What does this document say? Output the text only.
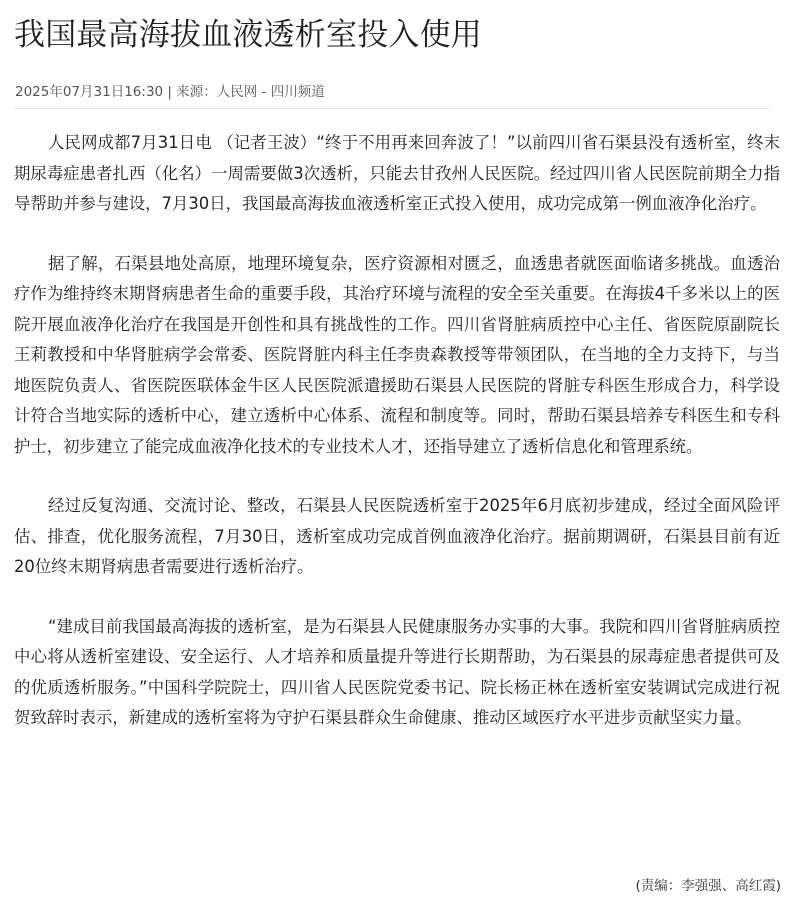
我国最高海拔血液透析室投入使用
2025年07月31日16:30 | 来源：人民网 - 四川频道

人民网成都7月31日电 （记者王波）“终于不用再来回奔波了！”以前四川省石渠县没有透析室，终末期尿毒症患者扎西（化名）一周需要做3次透析，只能去甘孜州人民医院。经过四川省人民医院前期全力指导帮助并参与建设，7月30日，我国最高海拔血液透析室正式投入使用，成功完成第一例血液净化治疗。

据了解，石渠县地处高原，地理环境复杂，医疗资源相对匮乏，血透患者就医面临诸多挑战。血透治疗作为维持终末期肾病患者生命的重要手段，其治疗环境与流程的安全至关重要。在海拔4千多米以上的医院开展血液净化治疗在我国是开创性和具有挑战性的工作。四川省肾脏病质控中心主任、省医院原副院长王莉教授和中华肾脏病学会常委、医院肾脏内科主任李贵森教授等带领团队，在当地的全力支持下，与当地医院负责人、省医院医联体金牛区人民医院派遣援助石渠县人民医院的肾脏专科医生形成合力，科学设计符合当地实际的透析中心，建立透析中心体系、流程和制度等。同时，帮助石渠县培养专科医生和专科护士，初步建立了能完成血液净化技术的专业技术人才，还指导建立了透析信息化和管理系统。

经过反复沟通、交流讨论、整改，石渠县人民医院透析室于2025年6月底初步建成，经过全面风险评估、排查，优化服务流程，7月30日，透析室成功完成首例血液净化治疗。据前期调研，石渠县目前有近20位终末期肾病患者需要进行透析治疗。

“建成目前我国最高海拔的透析室，是为石渠县人民健康服务办实事的大事。我院和四川省肾脏病质控中心将从透析室建设、安全运行、人才培养和质量提升等进行长期帮助，为石渠县的尿毒症患者提供可及的优质透析服务。”中国科学院院士，四川省人民医院党委书记、院长杨正林在透析室安装调试完成进行祝贺致辞时表示，新建成的透析室将为守护石渠县群众生命健康、推动区域医疗水平进步贡献坚实力量。

(责编：李强强、高红霞)
